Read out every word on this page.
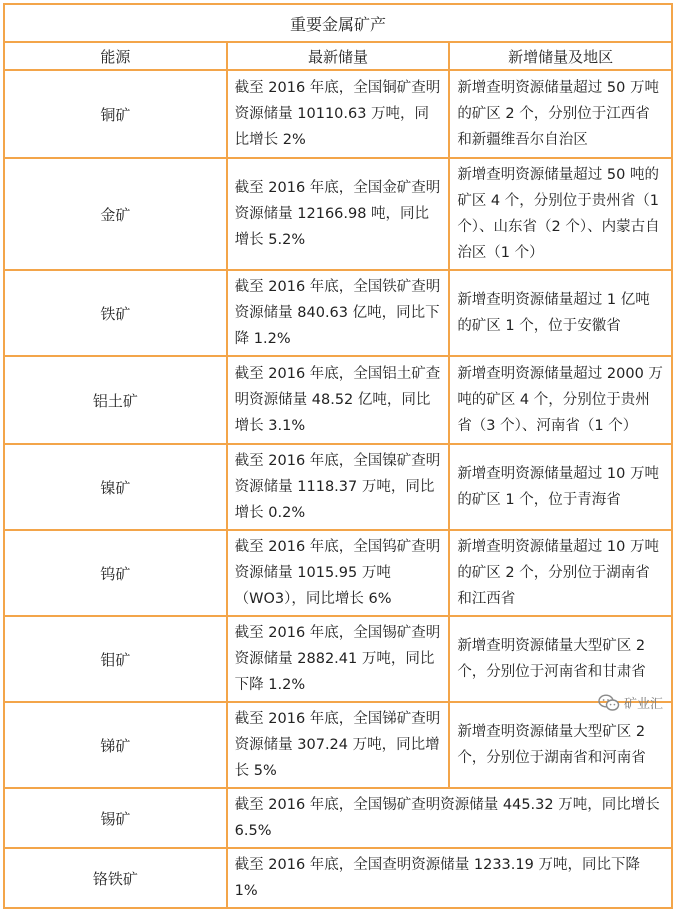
重要金属矿产		
能源	最新储量	新增储量及地区
铜矿	截至 2016 年底，全国铜矿查明资源储量 10110.63 万吨，同比增长 2%	新增查明资源储量超过 50 万吨的矿区 2 个，分别位于江西省和新疆维吾尔自治区
金矿	截至 2016 年底，全国金矿查明资源储量 12166.98 吨，同比增长 5.2%	新增查明资源储量超过 50 吨的矿区 4 个，分别位于贵州省（1 个）、山东省（2 个）、内蒙古自治区（1 个）
铁矿	截至 2016 年底，全国铁矿查明资源储量 840.63 亿吨，同比下降 1.2%	新增查明资源储量超过 1 亿吨的矿区 1 个，位于安徽省
铝土矿	截至 2016 年底，全国铝土矿查明资源储量 48.52 亿吨，同比增长 3.1%	新增查明资源储量超过 2000 万吨的矿区 4 个，分别位于贵州省（3 个）、河南省（1 个）
镍矿	截至 2016 年底，全国镍矿查明资源储量 1118.37 万吨，同比增长 0.2%	新增查明资源储量超过 10 万吨的矿区 1 个，位于青海省
钨矿	截至 2016 年底，全国钨矿查明资源储量 1015.95 万吨（WO3），同比增长 6%	新增查明资源储量超过 10 万吨的矿区 2 个，分别位于湖南省和江西省
钼矿	截至 2016 年底，全国锡矿查明资源储量 2882.41 万吨，同比下降 1.2%	新增查明资源储量大型矿区 2 个，分别位于河南省和甘肃省
锑矿	截至 2016 年底，全国锑矿查明资源储量 307.24 万吨，同比增长 5%	新增查明资源储量大型矿区 2 个，分别位于湖南省和河南省
锡矿	截至 2016 年底，全国锡矿查明资源储量 445.32 万吨，同比增长 6.5%	
铬铁矿	截至 2016 年底，全国查明资源储量 1233.19 万吨，同比下降 1%	
矿业汇
